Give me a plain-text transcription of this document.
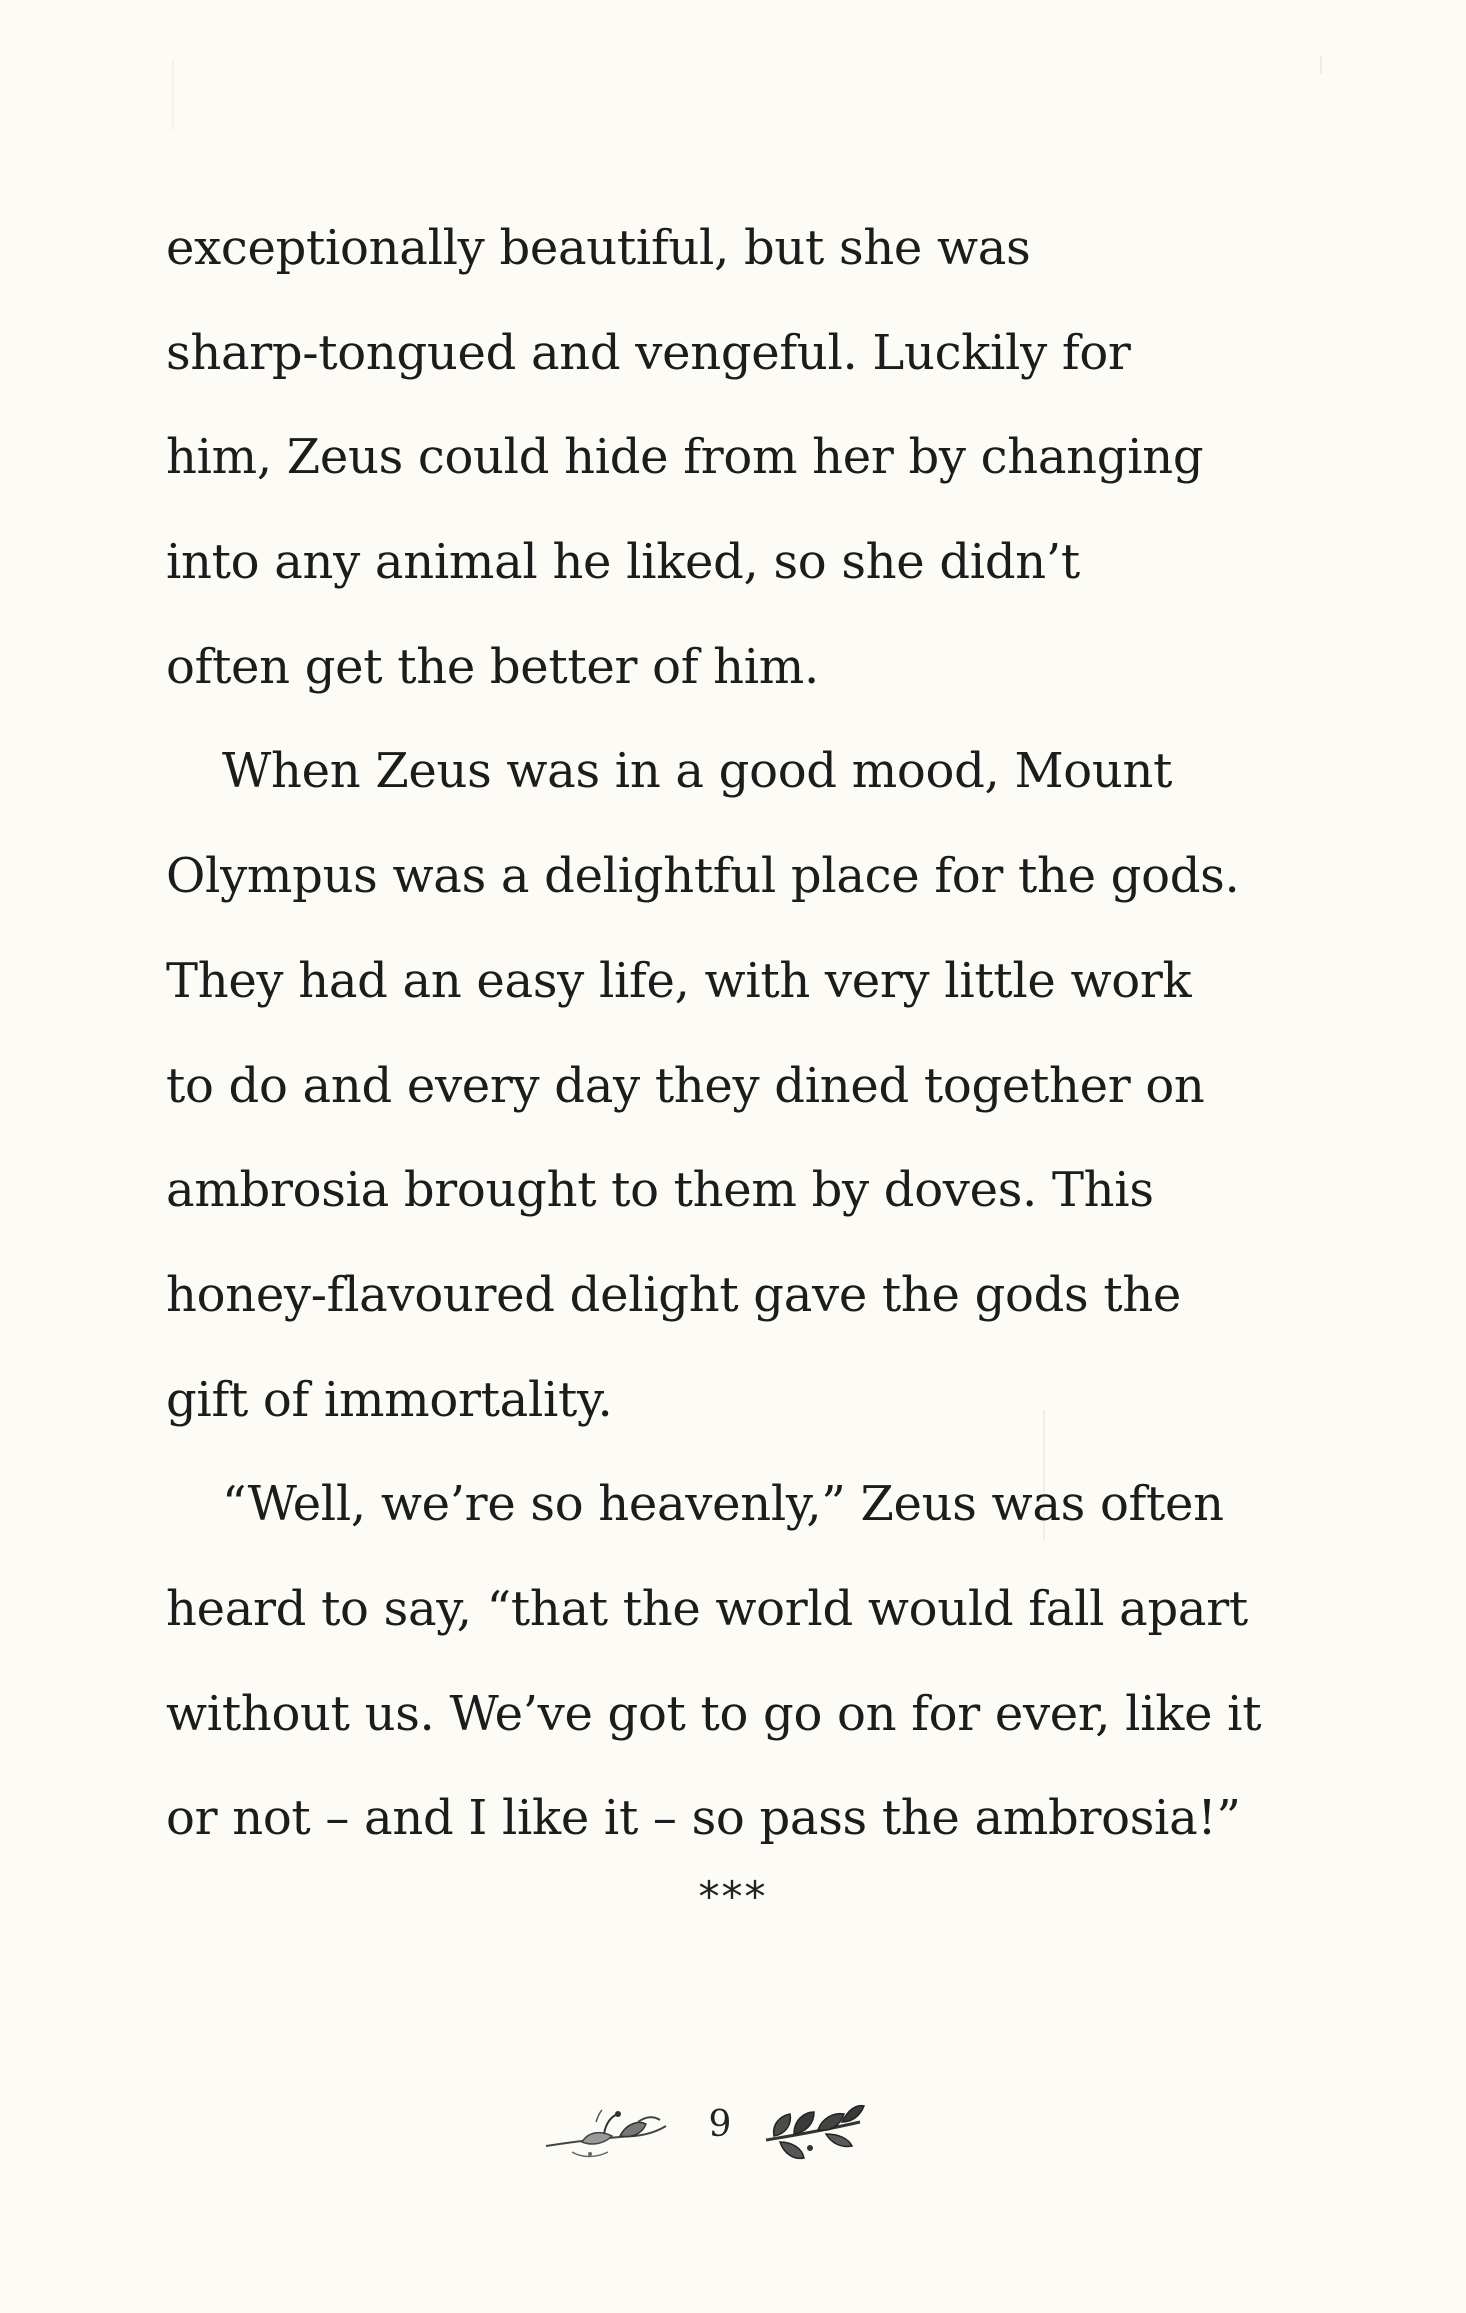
exceptionally beautiful, but she was
sharp-tongued and vengeful. Luckily for
him, Zeus could hide from her by changing
into any animal he liked, so she didn’t
often get the better of him.
When Zeus was in a good mood, Mount
Olympus was a delightful place for the gods.
They had an easy life, with very little work
to do and every day they dined together on
ambrosia brought to them by doves. This
honey-flavoured delight gave the gods the
gift of immortality.
“Well, we’re so heavenly,” Zeus was often
heard to say, “that the world would fall apart
without us. We’ve got to go on for ever, like it
or not – and I like it – so pass the ambrosia!”
***
9
